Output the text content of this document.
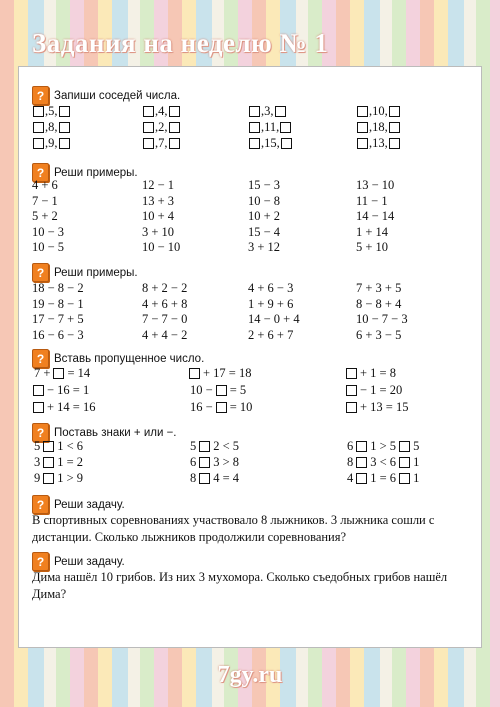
Задания на неделю № 1
? Запиши соседей числа.
, 5 ,	, 4 ,	, 3 ,	, 10 ,
, 8 ,	, 2 ,	, 11 ,	, 18 ,
, 9 ,	, 7 ,	, 15 ,	, 13 ,
? Реши примеры.
4 + 6	12 − 1	15 − 3	13 − 10
7 − 1	13 + 3	10 − 8	11 − 1
5 + 2	10 + 4	10 + 2	14 − 14
10 − 3	3 + 10	15 − 4	1 + 14
10 − 5	10 − 10	3 + 12	5 + 10
? Реши примеры.
18 − 8 − 2	8 + 2 − 2	4 + 6 − 3	7 + 3 + 5
19 − 8 − 1	4 + 6 + 8	1 + 9 + 6	8 − 8 + 4
17 − 7 + 5	7 − 7 − 0	14 − 0 + 4	10 − 7 − 3
16 − 6 − 3	4 + 4 − 2	2 + 6 + 7	6 + 3 − 5
? Вставь пропущенное число.
7 + = 14	+ 17 = 18	+ 1 = 8
− 16 = 1	10 − = 5	− 1 = 20
+ 14 = 16	16 − = 10	+ 13 = 15
? Поставь знаки + или −.
5 1 < 6	5 2 < 5	6 1 > 5 5
3 1 = 2	6 3 > 8	8 3 < 6 1
9 1 > 9	8 4 = 4	4 1 = 6 1
? Реши задачу.
В спортивных соревнованиях участвовало 8 лыжников. 3 лыжника сошли с дистанции. Сколько лыжников продолжили соревнования?
? Реши задачу.
Дима нашёл 10 грибов. Из них 3 мухомора. Сколько съедобных грибов нашёл Дима?
7gy.ru
